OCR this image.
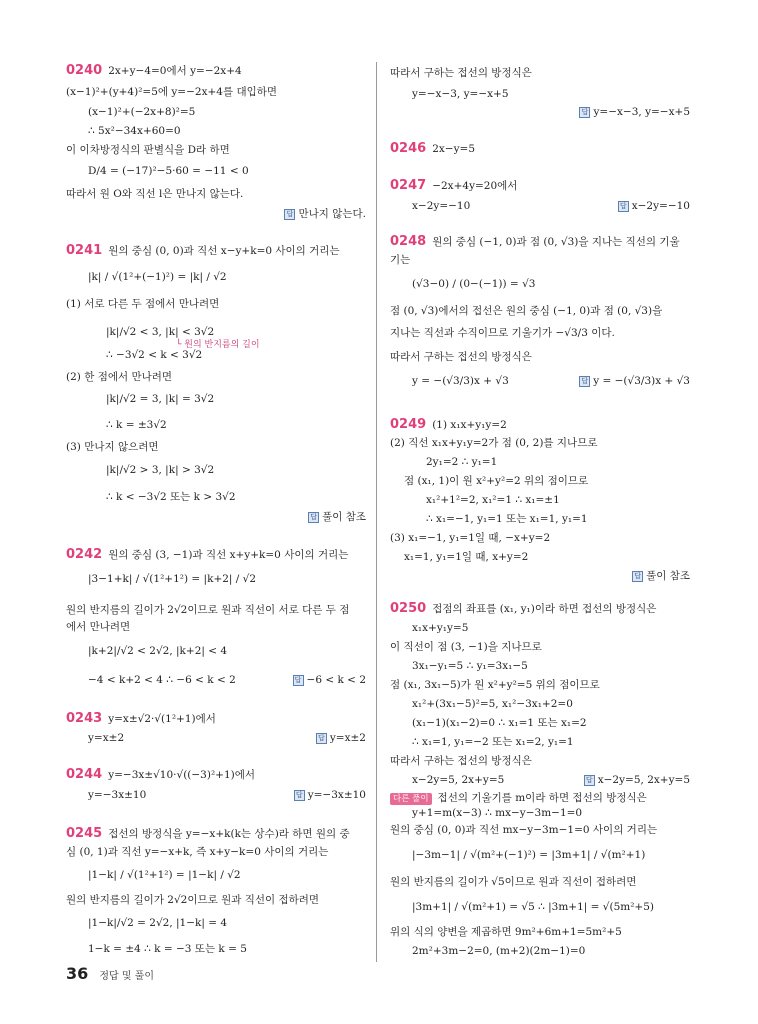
0240 2x+y−4=0에서 y=−2x+4
(x−1)²+(y+4)²=5에 y=−2x+4를 대입하면
(x−1)²+(−2x+8)²=5
∴ 5x²−34x+60=0
이 이차방정식의 판별식을 D라 하면
D/4 = (−17)²−5·60 = −11 < 0
따라서 원 O와 직선 l은 만나지 않는다.
0241 원의 중심 (0, 0)과 직선 x−y+k=0 사이의 거리는
|k| / √(1²+(−1)²) = |k| / √2
(1) 서로 다른 두 점에서 만나려면
|k|/√2 < 3, |k| < 3√2
∴ −3√2 < k < 3√2
(2) 한 점에서 만나려면
|k|/√2 = 3, |k| = 3√2
∴ k = ±3√2
(3) 만나지 않으려면
|k|/√2 > 3, |k| > 3√2
∴ k < −3√2 또는 k > 3√2
0242 원의 중심 (3, −1)과 직선 x+y+k=0 사이의 거리는
|3−1+k| / √(1²+1²) = |k+2| / √2
원의 반지름의 길이가 2√2이므로 원과 직선이 서로 다른 두 점
에서 만나려면
|k+2|/√2 < 2√2, |k+2| < 4
−4 < k+2 < 4 ∴ −6 < k < 2
0243 y=x±√2·√(1²+1)에서
y=x±2
0244 y=−3x±√10·√((−3)²+1)에서
y=−3x±10
0245 접선의 방정식을 y=−x+k(k는 상수)라 하면 원의 중
심 (0, 1)과 직선 y=−x+k, 즉 x+y−k=0 사이의 거리는
|1−k| / √(1²+1²) = |1−k| / √2
원의 반지름의 길이가 2√2이므로 원과 직선이 접하려면
|1−k|/√2 = 2√2, |1−k| = 4
1−k = ±4 ∴ k = −3 또는 k = 5
답 만나지 않는다.
답 풀이 참조
답 −6 < k < 2
답 y=x±2
답 y=−3x±10
└ 원의 반지름의 길이
따라서 구하는 접선의 방정식은
y=−x−3, y=−x+5
0246 2x−y=5
0247 −2x+4y=20에서
x−2y=−10
0248 원의 중심 (−1, 0)과 점 (0, √3)을 지나는 직선의 기울
기는
(√3−0) / (0−(−1)) = √3
점 (0, √3)에서의 접선은 원의 중심 (−1, 0)과 점 (0, √3)을
지나는 직선과 수직이므로 기울기가 −√3/3 이다.
따라서 구하는 접선의 방정식은
y = −(√3/3)x + √3
0249 (1) x₁x+y₁y=2
(2) 직선 x₁x+y₁y=2가 점 (0, 2)를 지나므로
2y₁=2 ∴ y₁=1
점 (x₁, 1)이 원 x²+y²=2 위의 점이므로
x₁²+1²=2, x₁²=1 ∴ x₁=±1
∴ x₁=−1, y₁=1 또는 x₁=1, y₁=1
(3) x₁=−1, y₁=1일 때, −x+y=2
x₁=1, y₁=1일 때, x+y=2
0250 접점의 좌표를 (x₁, y₁)이라 하면 접선의 방정식은
x₁x+y₁y=5
이 직선이 점 (3, −1)을 지나므로
3x₁−y₁=5 ∴ y₁=3x₁−5
점 (x₁, 3x₁−5)가 원 x²+y²=5 위의 점이므로
x₁²+(3x₁−5)²=5, x₁²−3x₁+2=0
(x₁−1)(x₁−2)=0 ∴ x₁=1 또는 x₁=2
∴ x₁=1, y₁=−2 또는 x₁=2, y₁=1
따라서 구하는 접선의 방정식은
x−2y=5, 2x+y=5
원의 중심 (0, 0)과 직선 mx−y−3m−1=0 사이의 거리는
|−3m−1| / √(m²+(−1)²) = |3m+1| / √(m²+1)
원의 반지름의 길이가 √5이므로 원과 직선이 접하려면
|3m+1| / √(m²+1) = √5 ∴ |3m+1| = √(5m²+5)
위의 식의 양변을 제곱하면 9m²+6m+1=5m²+5
2m²+3m−2=0, (m+2)(2m−1)=0
답 y=−x−3, y=−x+5
답 x−2y=−10
답 y = −(√3/3)x + √3
답 풀이 참조
답 x−2y=5, 2x+y=5
다른 풀이 접선의 기울기를 m이라 하면 접선의 방정식은
y+1=m(x−3) ∴ mx−y−3m−1=0
36 정답 및 풀이
